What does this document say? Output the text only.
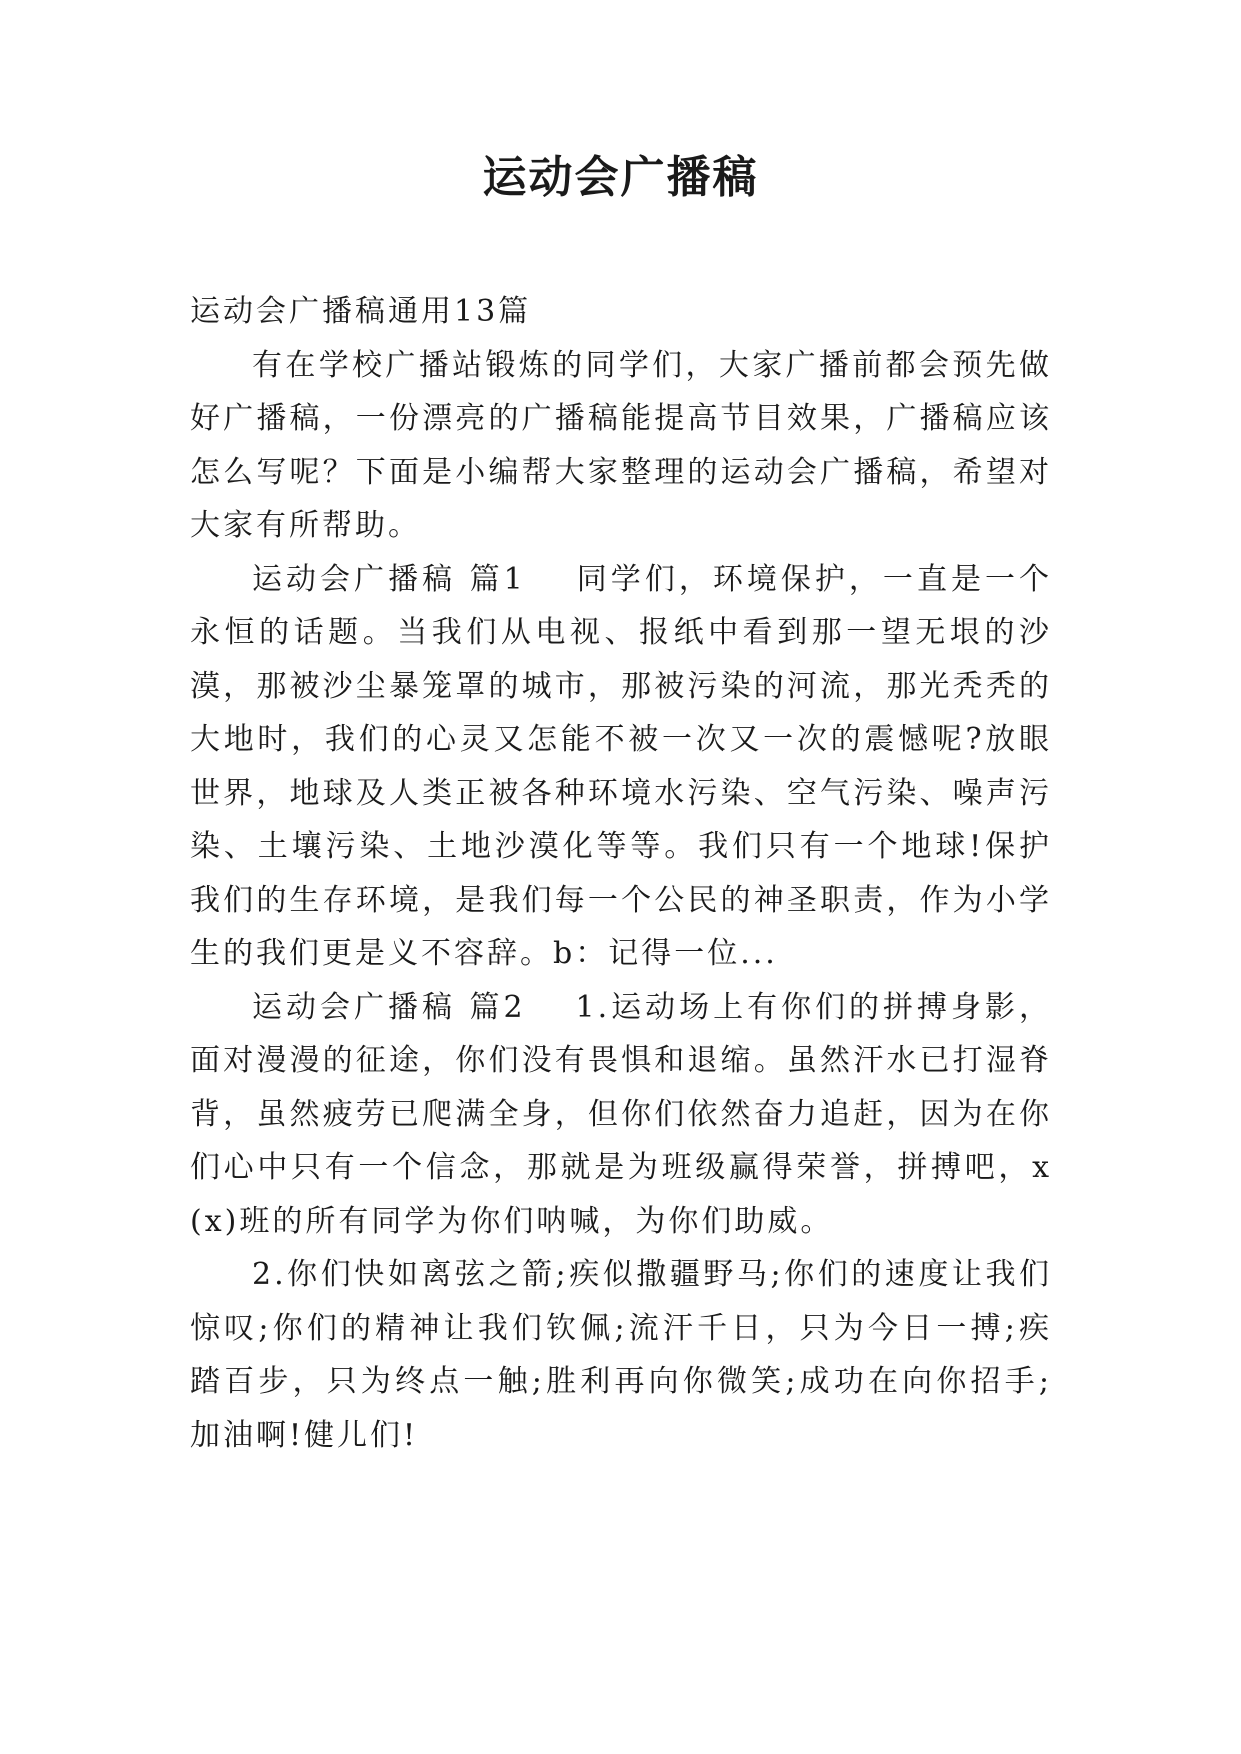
运动会广播稿

运动会广播稿通用13篇

有在学校广播站锻炼的同学们，大家广播前都会预先做好广播稿，一份漂亮的广播稿能提高节目效果，广播稿应该怎么写呢？下面是小编帮大家整理的运动会广播稿，希望对大家有所帮助。

运动会广播稿 篇1 同学们，环境保护，一直是一个永恒的话题。当我们从电视、报纸中看到那一望无垠的沙漠，那被沙尘暴笼罩的城市，那被污染的河流，那光秃秃的大地时，我们的心灵又怎能不被一次又一次的震憾呢?放眼世界，地球及人类正被各种环境水污染、空气污染、噪声污染、土壤污染、土地沙漠化等等。我们只有一个地球!保护我们的生存环境，是我们每一个公民的神圣职责，作为小学生的我们更是义不容辞。b：记得一位...

运动会广播稿 篇2 1.运动场上有你们的拼搏身影，面对漫漫的征途，你们没有畏惧和退缩。虽然汗水已打湿脊背，虽然疲劳已爬满全身，但你们依然奋力追赶，因为在你们心中只有一个信念，那就是为班级赢得荣誉，拼搏吧，x(x)班的所有同学为你们呐喊，为你们助威。

2.你们快如离弦之箭;疾似撒疆野马;你们的速度让我们惊叹;你们的精神让我们钦佩;流汗千日，只为今日一搏;疾踏百步，只为终点一触;胜利再向你微笑;成功在向你招手;加油啊!健儿们!
